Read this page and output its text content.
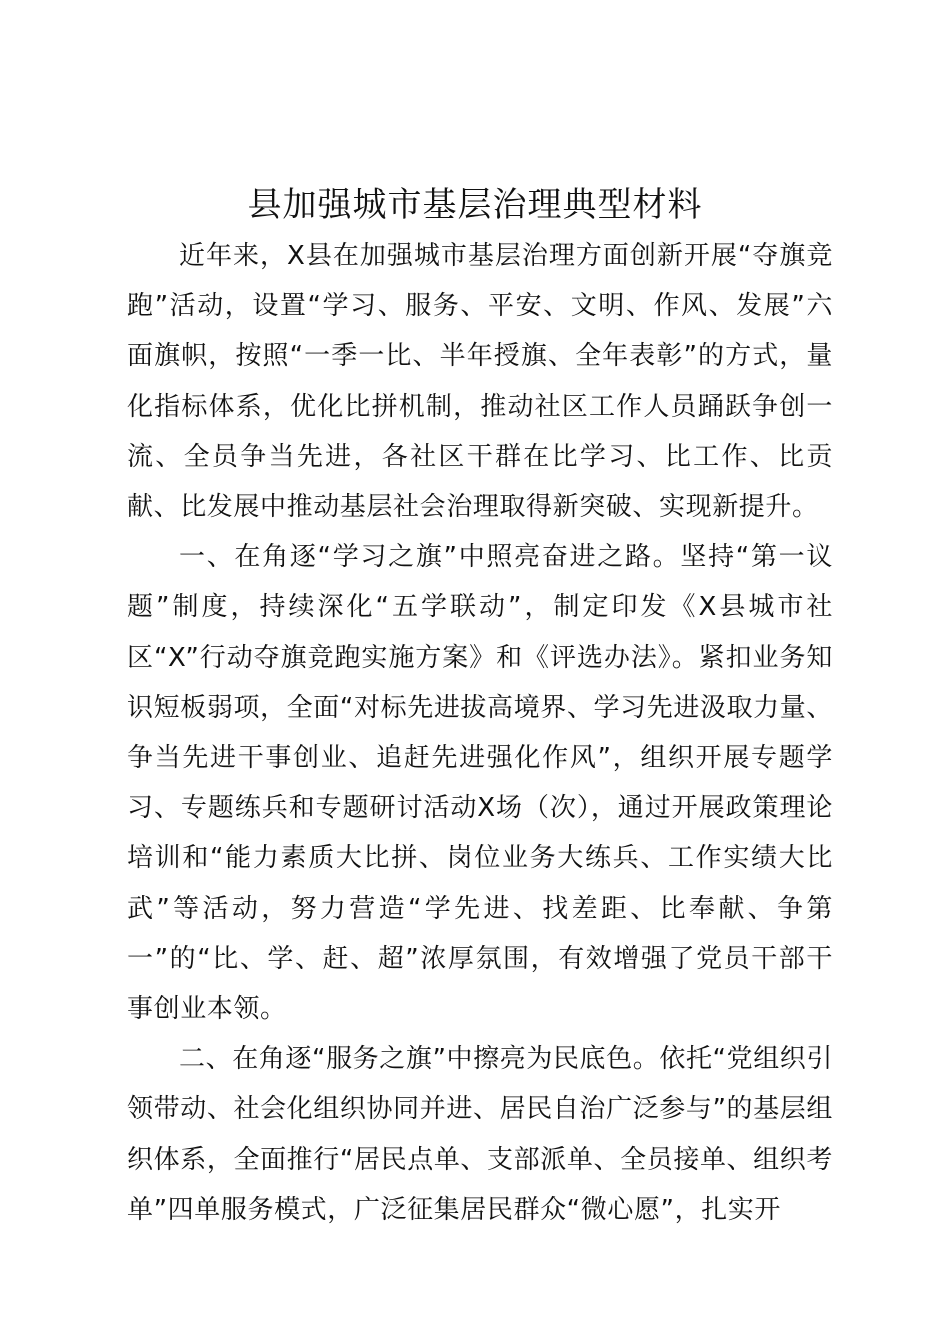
县加强城市基层治理典型材料

近年来，X县在加强城市基层治理方面创新开展“夺旗竞跑”活动，设置“学习、服务、平安、文明、作风、发展”六面旗帜，按照“一季一比、半年授旗、全年表彰”的方式，量化指标体系，优化比拼机制，推动社区工作人员踊跃争创一流、全员争当先进，各社区干群在比学习、比工作、比贡献、比发展中推动基层社会治理取得新突破、实现新提升。

一、在角逐“学习之旗”中照亮奋进之路。坚持“第一议题”制度，持续深化“五学联动”，制定印发《X县城市社区“X”行动夺旗竞跑实施方案》和《评选办法》。紧扣业务知识短板弱项，全面“对标先进拔高境界、学习先进汲取力量、争当先进干事创业、追赶先进强化作风”，组织开展专题学习、专题练兵和专题研讨活动X场（次），通过开展政策理论培训和“能力素质大比拼、岗位业务大练兵、工作实绩大比武”等活动，努力营造“学先进、找差距、比奉献、争第一”的“比、学、赶、超”浓厚氛围，有效增强了党员干部干事创业本领。

二、在角逐“服务之旗”中擦亮为民底色。依托“党组织引领带动、社会化组织协同并进、居民自治广泛参与”的基层组织体系，全面推行“居民点单、支部派单、全员接单、组织考单”四单服务模式，广泛征集居民群众“微心愿”，扎实开
